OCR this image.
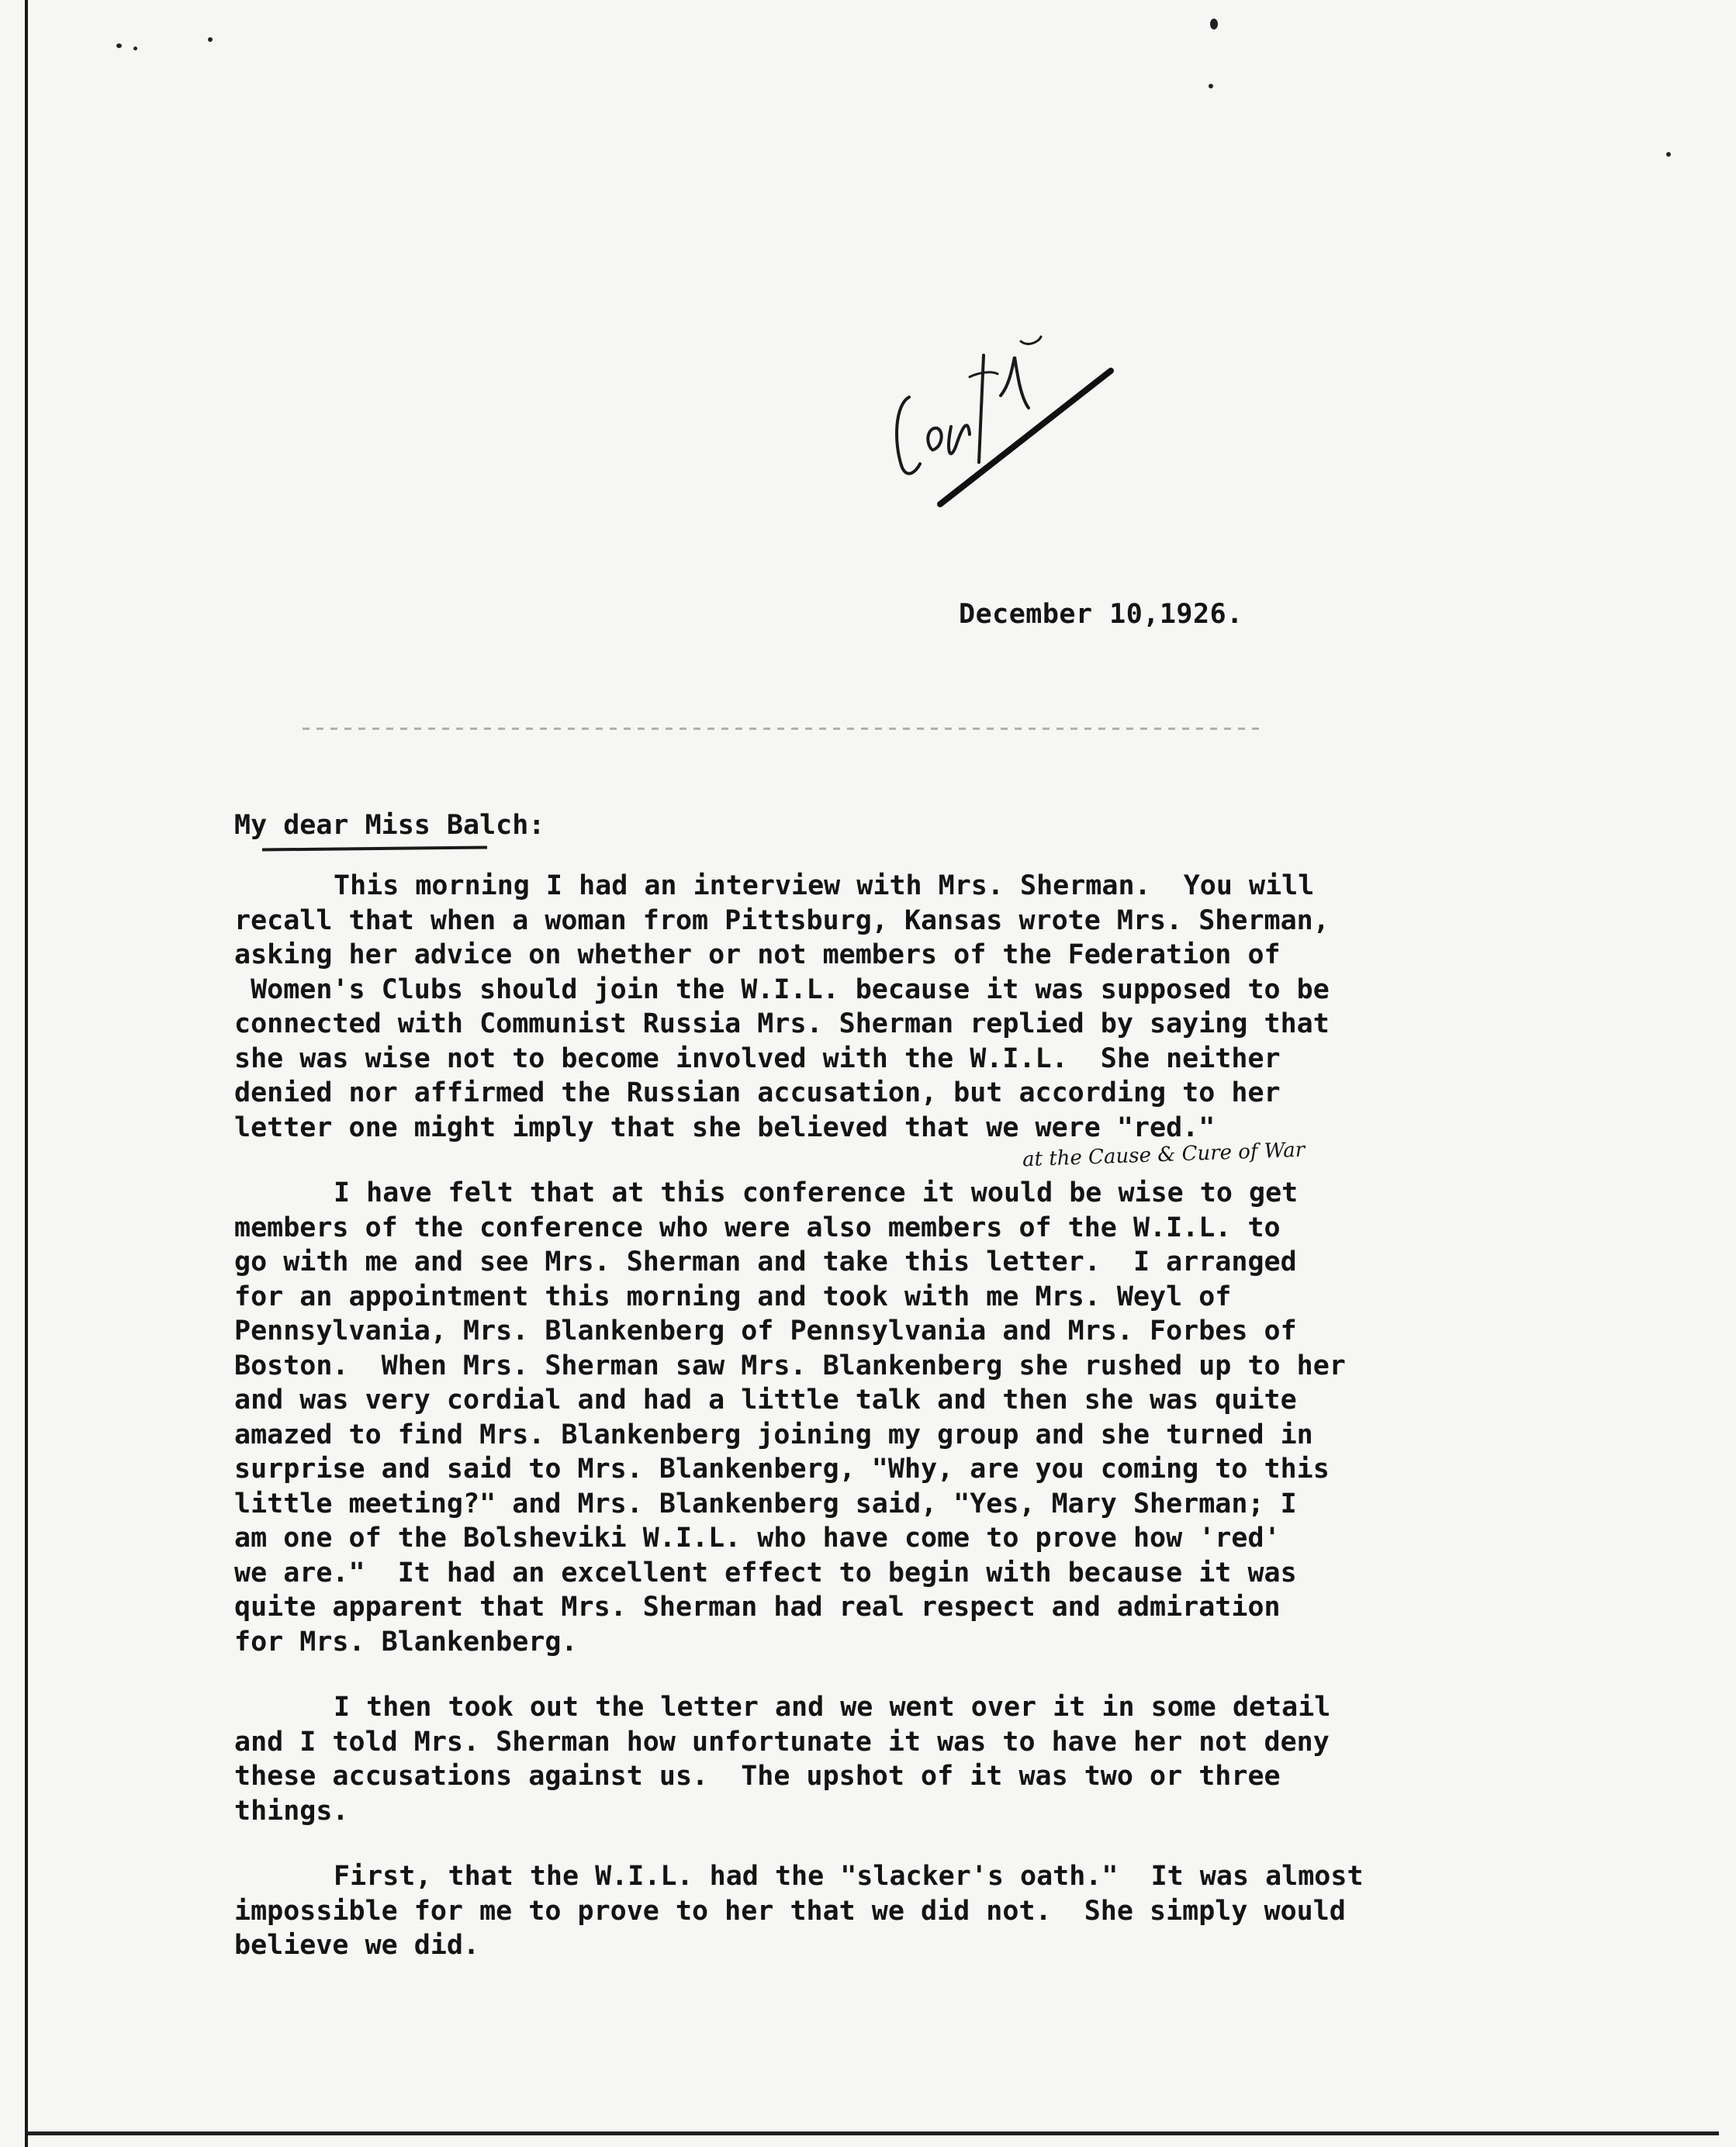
December 10,1926.
My dear Miss Balch:
at the Cause & Cure of War
This morning I had an interview with Mrs. Sherman.  You will
recall that when a woman from Pittsburg, Kansas wrote Mrs. Sherman,
asking her advice on whether or not members of the Federation of
Women's Clubs should join the W.I.L. because it was supposed to be
connected with Communist Russia Mrs. Sherman replied by saying that
she was wise not to become involved with the W.I.L.  She neither
denied nor affirmed the Russian accusation, but according to her
letter one might imply that she believed that we were "red."
I have felt that at this conference it would be wise to get
members of the conference who were also members of the W.I.L. to
go with me and see Mrs. Sherman and take this letter.  I arranged
for an appointment this morning and took with me Mrs. Weyl of
Pennsylvania, Mrs. Blankenberg of Pennsylvania and Mrs. Forbes of
Boston.  When Mrs. Sherman saw Mrs. Blankenberg she rushed up to her
and was very cordial and had a little talk and then she was quite
amazed to find Mrs. Blankenberg joining my group and she turned in
surprise and said to Mrs. Blankenberg, "Why, are you coming to this
little meeting?" and Mrs. Blankenberg said, "Yes, Mary Sherman; I
am one of the Bolsheviki W.I.L. who have come to prove how 'red'
we are."  It had an excellent effect to begin with because it was
quite apparent that Mrs. Sherman had real respect and admiration
for Mrs. Blankenberg.
I then took out the letter and we went over it in some detail
and I told Mrs. Sherman how unfortunate it was to have her not deny
these accusations against us.  The upshot of it was two or three
things.
First, that the W.I.L. had the "slacker's oath."  It was almost
impossible for me to prove to her that we did not.  She simply would
believe we did.
